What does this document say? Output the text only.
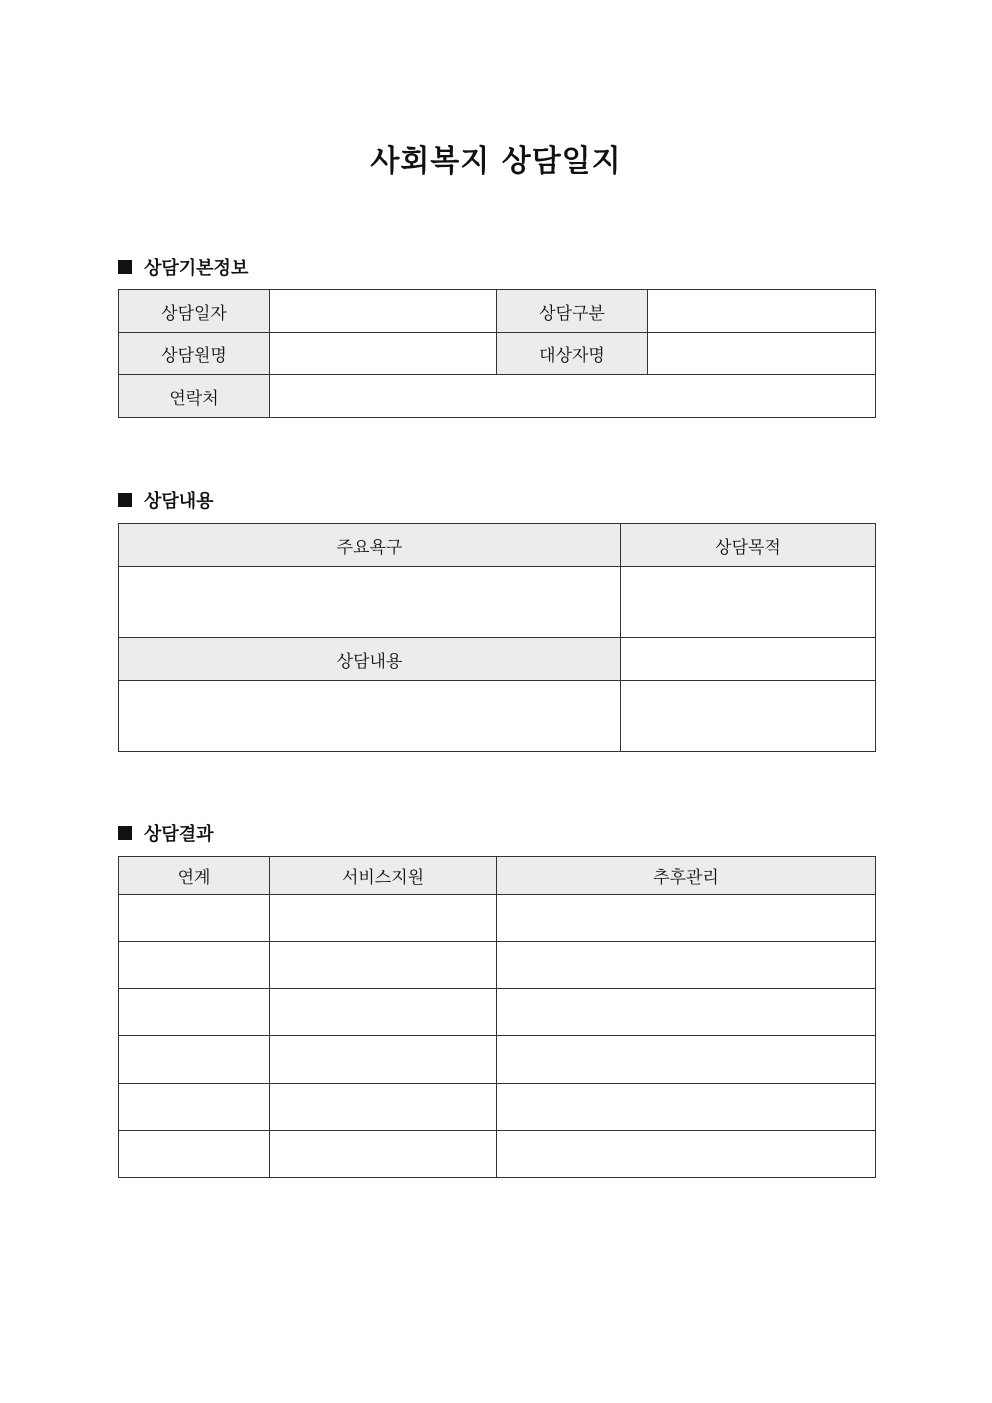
사회복지 상담일지
상담기본정보
상담일자		상담구분	
상담원명		대상자명	
연락처			
상담내용
주요욕구	상담목적

상담내용	

상담결과
연계	서비스지원	추후관리
